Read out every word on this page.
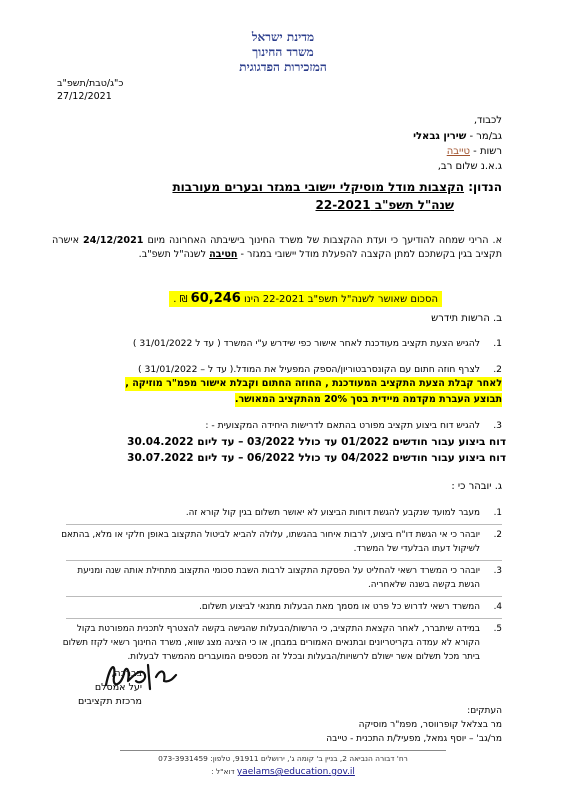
מדינת ישראל
משרד החינוך
המזכירות הפדגוגית
כ"ג/טבת/תשפ"ב
27/12/2021
לכבוד,
גב/מר - שירין גבאלי
רשות - טייבה
ג.א.נ שלום רב,
הנדון: הקצבות מודל מוסיקלי יישובי במגזר ובערים מעורבות
שנה"ל תשפ"ב 22-2021
א. הריני שמחה להודיעך כי ועדת ההקצבות של משרד החינוך בישיבתה האחרונה מיום 24/12/2021 אישרה תקציב בגין בקשתכם למתן הקצבה להפעלת מודל יישובי במגזר - חטיבה לשנה"ל תשפ"ב.
הסכום שאושר לשנה"ל תשפ"ב 22-2021 הינו 60,246 ₪ .
ב. הרשות תידרש
1.
להגיש הצעת תקציב מעודכנת לאחר אישור כפי שידרש ע"י המשרד ( עד ל 31/01/2022 )
2.
לצרף חוזה חתום עם הקונסרבטוריון/הספק המפעיל את המודל.( עד ל – 31/01/2022 )
לאחר קבלת הצעת התקציב המעודכנת , החוזה החתום וקבלת אישור מפמ"ר מוזיקה ,
תבוצע העברת מקדמה מיידית בסך 20% מהתקציב המאושר.
3.
להגיש דוח ביצוע תקציב מפורט בהתאם לדרישות היחידה המקצועית - :
דוח ביצוע עבור חודשים 01/2022 עד כולל 03/2022 – עד ליום 30.04.2022
דוח ביצוע עבור חודשים 04/2022 עד כולל 06/2022 – עד ליום 30.07.2022
ג. יובהר כי :
1.
מעבר למועד שנקבע להגשת דוחות הביצוע לא יאושר תשלום בגין קול קורא זה.
2.
יובהר כי אי הגשת דו"ח ביצוע, לרבות איחור בהגשתו, עלולה להביא לביטול התקצוב באופן חלקי או מלא, בהתאם לשיקול דעתו הבלעדי של המשרד.
3.
יובהר כי המשרד רשאי להחליט על הפסקת התקצוב לרבות השבת סכומי התקצוב מתחילת אותה שנה ומניעת הגשת בקשה בשנה שלאחריה.
4.
המשרד רשאי לדרוש כל פרט או מסמך מאת הבעלות מתנאי לביצוע תשלום.
5.
במידה שיתברר, לאחר הקצאת התקציב, כי הרשות/הבעלות שהגישה בקשה להצטרף לתכנית המפורטת בקול הקורא לא עמדה בקריטריונים ובתנאים האמורים במבחן, או כי הציגה מצג שווא, משרד החינוך רשאי לקזז תשלום ביתר מכל תשלום אשר ישולם לרשויות/הבעלות ובכלל זה מכספים המועברים מהמשרד לבעלות.
בברכה,
יעל אמסלם
מרכזת תקציבים
העתקים:
מר בצלאל קופרווסר, מפמ"ר מוסיקה
מר/גב' – יוסף גמאל, מפעיל/ת התכנית - טייבה
רח' דבורה הנביאה 2, בניין ב' קומה ג', ירושלים 91911, טלפון: 073-3931459
yaelams@education.gov.il דוא"ל :
